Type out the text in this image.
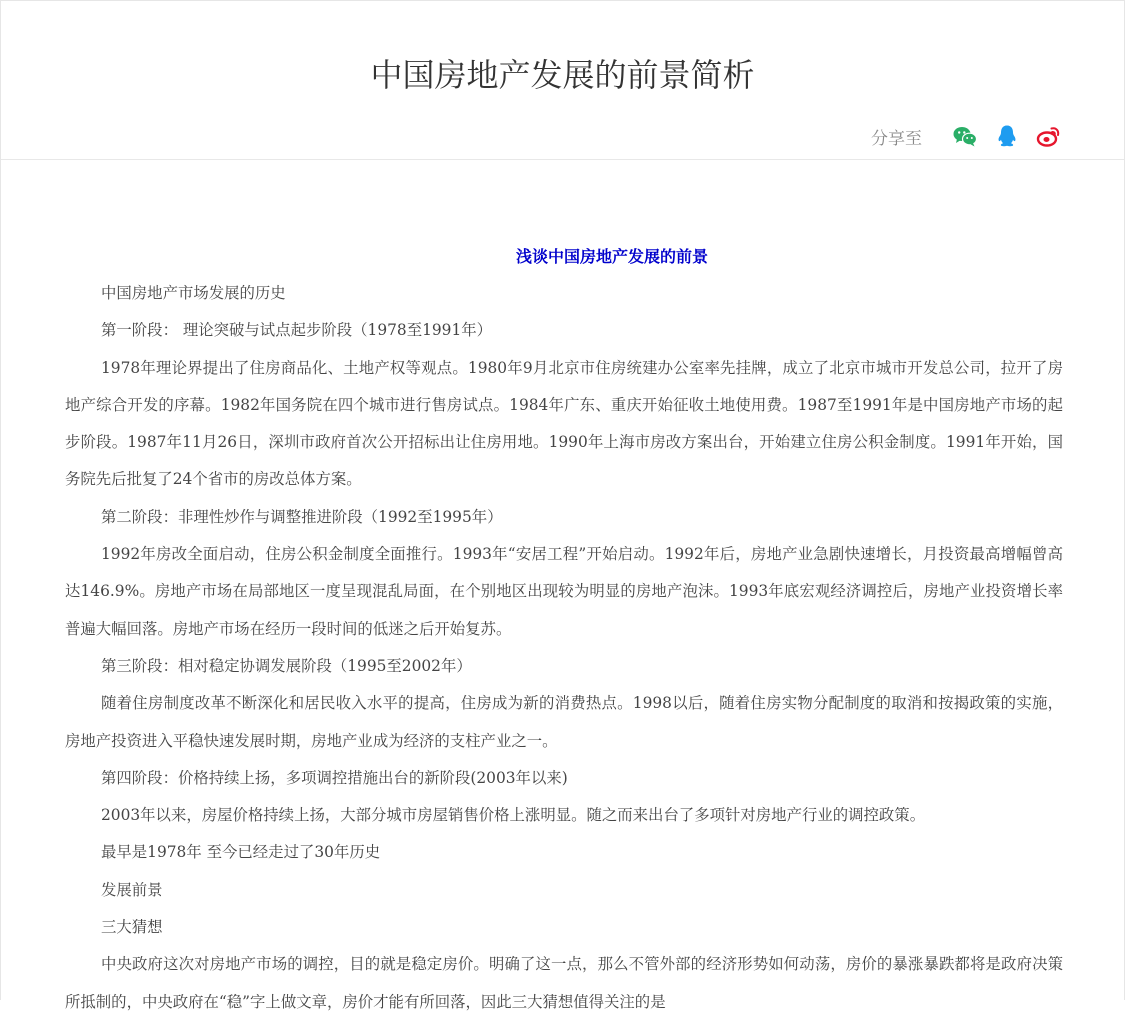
中国房地产发展的前景简析
分享至
浅谈中国房地产发展的前景

中国房地产市场发展的历史

第一阶段： 理论突破与试点起步阶段（1978至1991年）

1978年理论界提出了住房商品化、土地产权等观点。1980年9月北京市住房统建办公室率先挂牌，成立了北京市城市开发总公司，拉开了房地产综合开发的序幕。1982年国务院在四个城市进行售房试点。1984年广东、重庆开始征收土地使用费。1987至1991年是中国房地产市场的起步阶段。1987年11月26日，深圳市政府首次公开招标出让住房用地。1990年上海市房改方案出台，开始建立住房公积金制度。1991年开始，国务院先后批复了24个省市的房改总体方案。

第二阶段：非理性炒作与调整推进阶段（1992至1995年）

1992年房改全面启动，住房公积金制度全面推行。1993年“安居工程”开始启动。1992年后，房地产业急剧快速增长，月投资最高增幅曾高达146.9%。房地产市场在局部地区一度呈现混乱局面，在个别地区出现较为明显的房地产泡沫。1993年底宏观经济调控后，房地产业投资增长率普遍大幅回落。房地产市场在经历一段时间的低迷之后开始复苏。

第三阶段：相对稳定协调发展阶段（1995至2002年）

随着住房制度改革不断深化和居民收入水平的提高，住房成为新的消费热点。1998以后，随着住房实物分配制度的取消和按揭政策的实施，房地产投资进入平稳快速发展时期，房地产业成为经济的支柱产业之一。

第四阶段：价格持续上扬，多项调控措施出台的新阶段(2003年以来)

2003年以来，房屋价格持续上扬，大部分城市房屋销售价格上涨明显。随之而来出台了多项针对房地产行业的调控政策。

最早是1978年 至今已经走过了30年历史

发展前景

三大猜想

中央政府这次对房地产市场的调控，目的就是稳定房价。明确了这一点，那么不管外部的经济形势如何动荡，房价的暴涨暴跌都将是政府决策所抵制的，中央政府在“稳”字上做文章，房价才能有所回落，因此三大猜想值得关注的是
